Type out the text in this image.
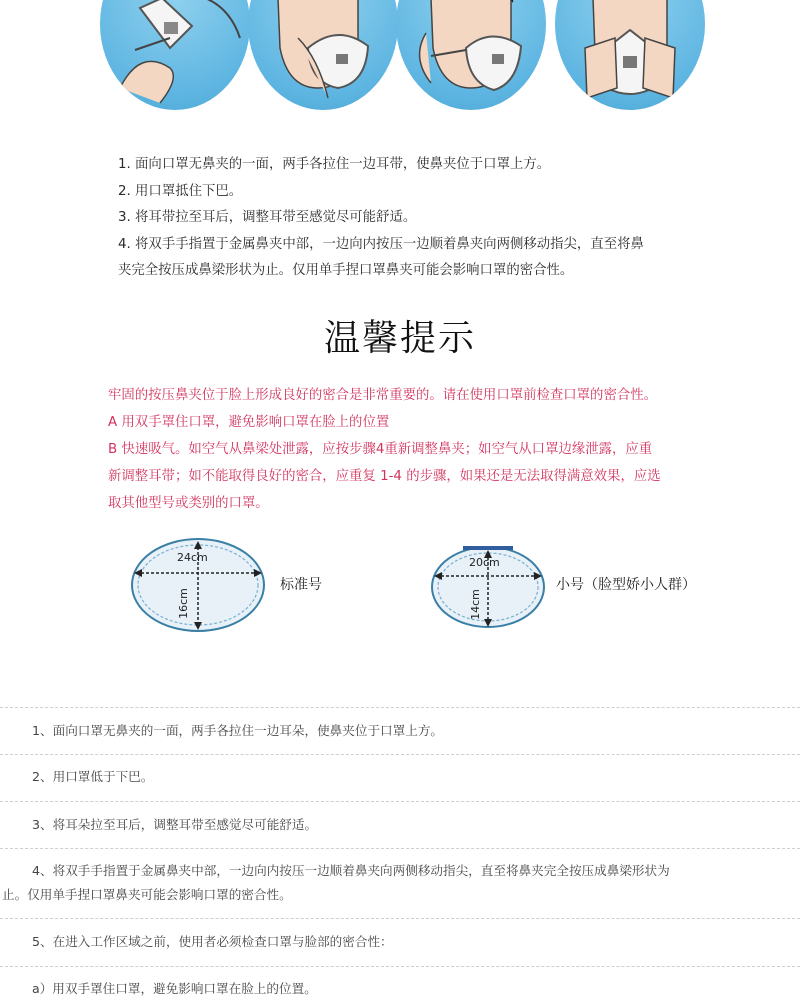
1. 面向口罩无鼻夹的一面，两手各拉住一边耳带，使鼻夹位于口罩上方。

2. 用口罩抵住下巴。

3. 将耳带拉至耳后，调整耳带至感觉尽可能舒适。

4. 将双手手指置于金属鼻夹中部，一边向内按压一边顺着鼻夹向两侧移动指尖，直至将鼻

夹完全按压成鼻梁形状为止。仅用单手捏口罩鼻夹可能会影响口罩的密合性。

温馨提示

牢固的按压鼻夹位于脸上形成良好的密合是非常重要的。请在使用口罩前检查口罩的密合性。

A 用双手罩住口罩，避免影响口罩在脸上的位置

B 快速吸气。如空气从鼻梁处泄露，应按步骤4重新调整鼻夹；如空气从口罩边缘泄露，应重

新调整耳带；如不能取得良好的密合，应重复 1-4 的步骤，如果还是无法取得满意效果，应选

取其他型号或类别的口罩。

24cm
16cm
标准号
20cm
14cm
小号（脸型娇小人群）
1、面向口罩无鼻夹的一面，两手各拉住一边耳朵，使鼻夹位于口罩上方。
2、用口罩低于下巴。
3、将耳朵拉至耳后，调整耳带至感觉尽可能舒适。
4、将双手手指置于金属鼻夹中部，一边向内按压一边顺着鼻夹向两侧移动指尖，直至将鼻夹完全按压成鼻梁形状为
止。仅用单手捏口罩鼻夹可能会影响口罩的密合性。
5、在进入工作区域之前，使用者必须检查口罩与脸部的密合性：
a）用双手罩住口罩，避免影响口罩在脸上的位置。
